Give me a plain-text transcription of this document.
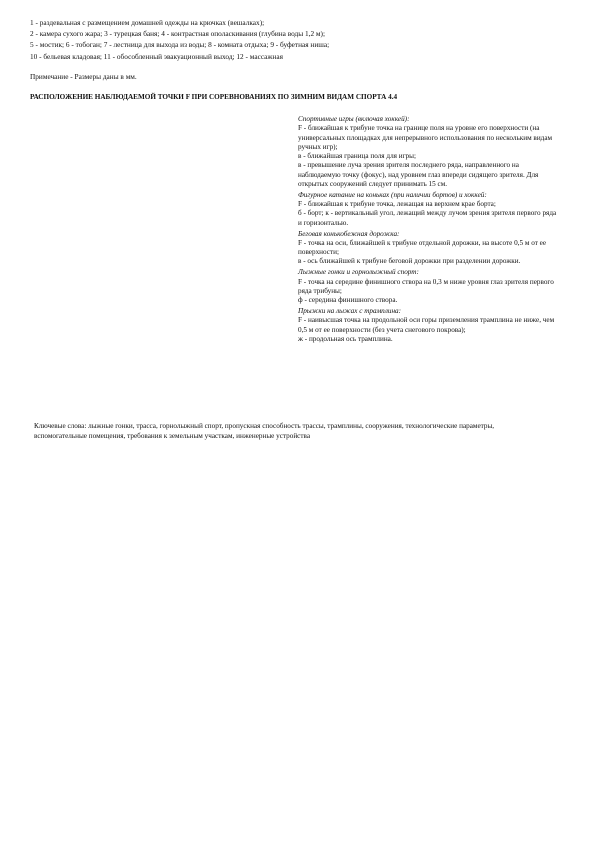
1 - раздевальная с размещением домашней одежды на крючках (вешалках);
2 - камера сухого жара; 3 - турецкая баня; 4 - контрастная ополаскивания (глубина воды 1,2 м);
5 - мостик; 6 - тобоган; 7 - лестница для выхода из воды; 8 - комната отдыха; 9 - буфетная ниша;
10 - бельевая кладовая; 11 - обособленный эвакуационный выход; 12 - массажная
Примечание - Размеры даны в мм.
РАСПОЛОЖЕНИЕ НАБЛЮДАЕМОЙ ТОЧКИ F ПРИ СОРЕВНОВАНИЯХ ПО ЗИМНИМ ВИДАМ СПОРТА 4.4

Спортивные игры (включая хоккей):

F - ближайшая к трибуне точка на границе поля на уровне его поверхности (на универсальных площадках для непрерывного использования по нескольким видам ручных игр);

в - ближайшая граница поля для игры;

в - превышение луча зрения зрителя последнего ряда, направленного на наблюдаемую точку (фокус), над уровнем глаз впереди сидящего зрителя. Для открытых сооружений следует принимать 15 см.

Фигурное катание на коньках (при наличии бортов) и хоккей:

F - ближайшая к трибуне точка, лежащая на верхнем крае борта;

б - борт; к - вертикальный угол, лежащий между лучом зрения зрителя первого ряда и горизонталью.

Беговая конькобежная дорожка:

F - точка на оси, ближайшей к трибуне отдельной дорожки, на высоте 0,5 м от ее поверхности;

в - ось ближайшей к трибуне беговой дорожки при разделении дорожки.

Лыжные гонки и горнолыжный спорт:

F - точка на середине финишного створа на 0,3 м ниже уровня глаз зрителя первого ряда трибуны;

ф - середина финишного створа.

Прыжки на лыжах с трамплина:

F - наивысшая точка на продольной оси горы приземления трамплина не ниже, чем 0,5 м от ее поверхности (без учета снегового покрова);

ж - продольная ось трамплина.

Ключевые слова: лыжные гонки, трасса, горнолыжный спорт, пропускная способность трассы, трамплины, сооружения, технологические параметры, вспомогательные помещения, требования к земельным участкам, инженерные устройства
